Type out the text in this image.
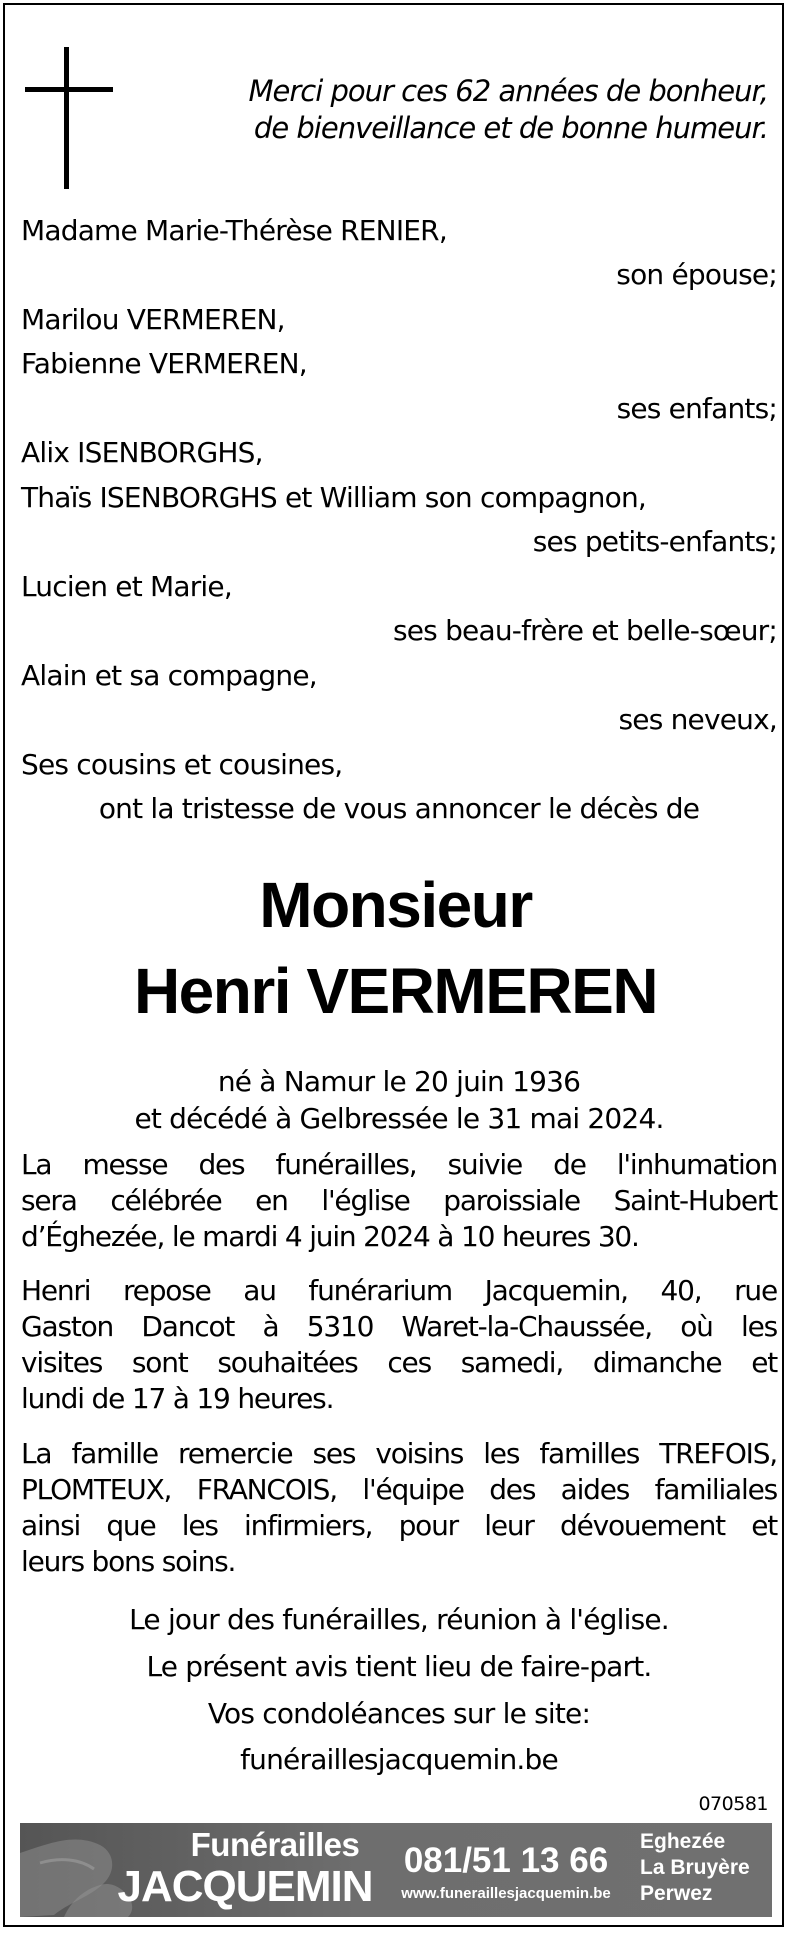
Merci pour ces 62 années de bonheur,
de bienveillance et de bonne humeur.
Madame Marie-Thérèse RENIER,
son épouse;
Marilou VERMEREN,
Fabienne VERMEREN,
ses enfants;
Alix ISENBORGHS,
Thaïs ISENBORGHS et William son compagnon,
ses petits-enfants;
Lucien et Marie,
ses beau-frère et belle-sœur;
Alain et sa compagne,
ses neveux,
Ses cousins et cousines,
ont la tristesse de vous annoncer le décès de
Monsieur
Henri VERMEREN
né à Namur le 20 juin 1936
et décédé à Gelbressée le 31 mai 2024.
La messe des funérailles, suivie de l'inhumation
sera célébrée en l'église paroissiale Saint-Hubert
d’Éghezée, le mardi 4 juin 2024 à 10 heures 30.
Henri repose au funérarium Jacquemin, 40, rue
Gaston Dancot à 5310 Waret-la-Chaussée, où les
visites sont souhaitées ces samedi, dimanche et
lundi de 17 à 19 heures.
La famille remercie ses voisins les familles TREFOIS,
PLOMTEUX, FRANCOIS, l'équipe des aides familiales
ainsi que les infirmiers, pour leur dévouement et
leurs bons soins.
Le jour des funérailles, réunion à l'église.
Le présent avis tient lieu de faire-part.
Vos condoléances sur le site:
funéraillesjacquemin.be
070581
Funérailles
JACQUEMIN
081/51 13 66
www.funeraillesjacquemin.be
Eghezée
La Bruyère
Perwez
